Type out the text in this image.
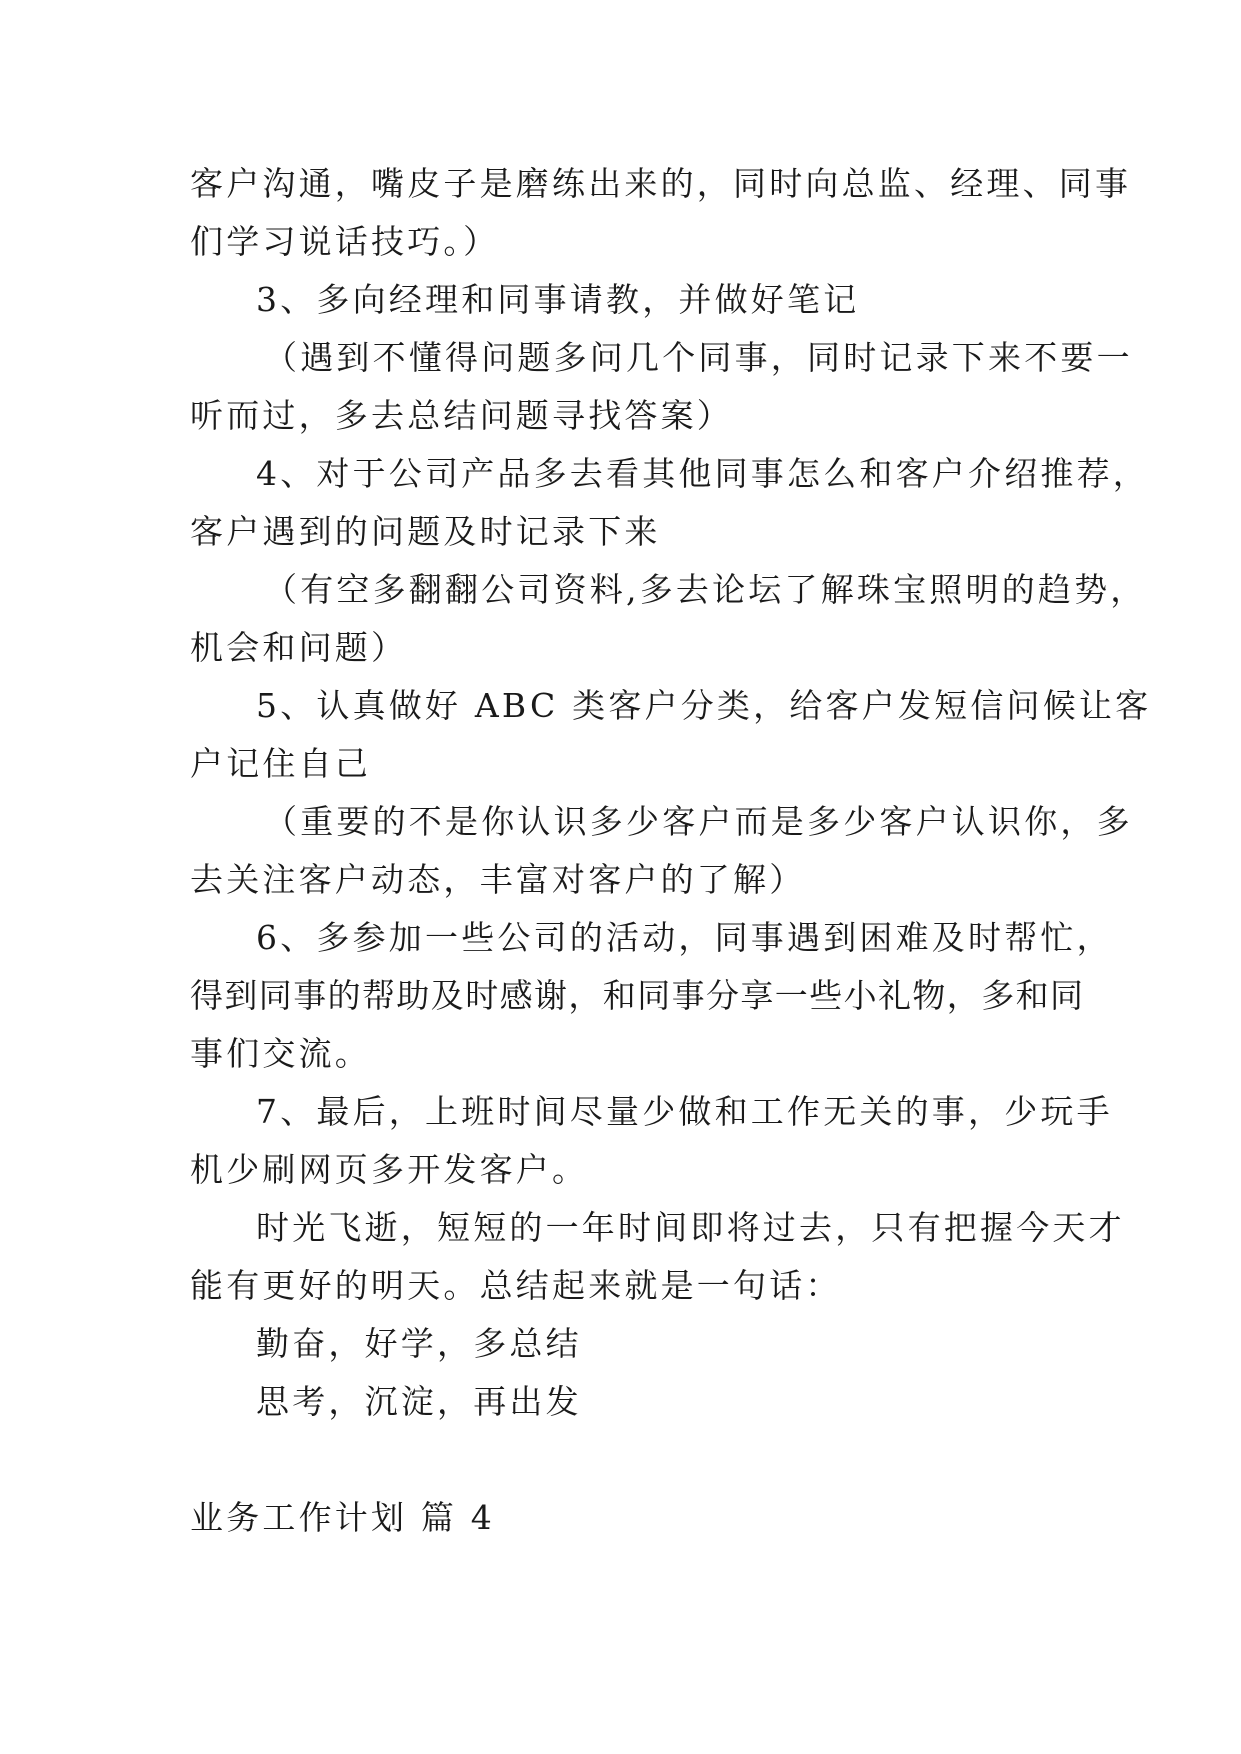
客户沟通，嘴皮子是磨练出来的，同时向总监、经理、同事
们学习说话技巧。）
3、多向经理和同事请教，并做好笔记
（遇到不懂得问题多问几个同事，同时记录下来不要一
听而过，多去总结问题寻找答案）
4、对于公司产品多去看其他同事怎么和客户介绍推荐，
客户遇到的问题及时记录下来
（有空多翻翻公司资料,多去论坛了解珠宝照明的趋势，
机会和问题）
5、认真做好 ABC 类客户分类，给客户发短信问候让客
户记住自己
（重要的不是你认识多少客户而是多少客户认识你，多
去关注客户动态，丰富对客户的了解）
6、多参加一些公司的活动，同事遇到困难及时帮忙，
得到同事的帮助及时感谢，和同事分享一些小礼物，多和同
事们交流。
7、最后，上班时间尽量少做和工作无关的事，少玩手
机少刷网页多开发客户。
时光飞逝，短短的一年时间即将过去，只有把握今天才
能有更好的明天。总结起来就是一句话：
勤奋，好学，多总结
思考，沉淀，再出发
业务工作计划 篇 4
